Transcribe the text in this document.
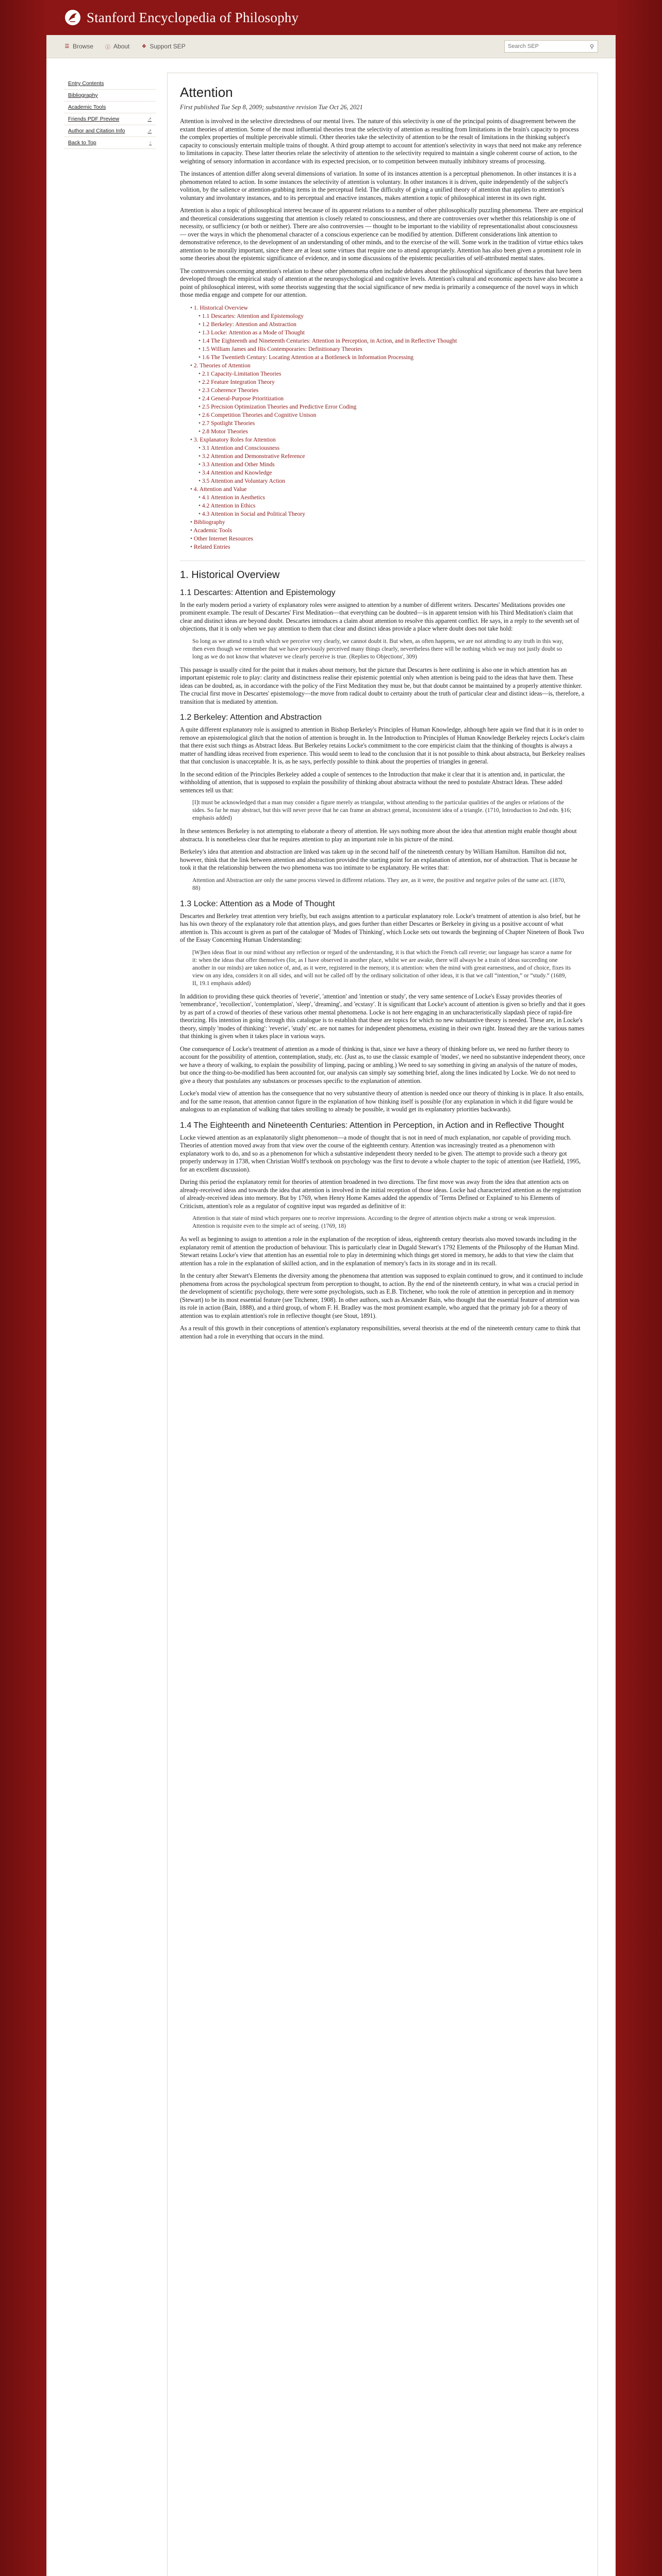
Stanford Encyclopedia of Philosophy
☰ Browse ⓘ About ❖ Support SEP
Search SEP	⚲
Entry Contents
Bibliography
Academic Tools
Friends PDF Preview	↗
Author and Citation Info	↗
Back to Top	↑
Attention
First published Tue Sep 8, 2009; substantive revision Tue Oct 26, 2021

Attention is involved in the selective directedness of our mental lives. The nature of this selectivity is one of the principal points of disagreement between the extant theories of attention. Some of the most influential theories treat the selectivity of attention as resulting from limitations in the brain's capacity to process the complex properties of multiple perceivable stimuli. Other theories take the selectivity of attention to be the result of limitations in the thinking subject's capacity to consciously entertain multiple trains of thought. A third group attempt to account for attention's selectivity in ways that need not make any reference to limitations in capacity. These latter theories relate the selectivity of attention to the selectivity required to maintain a single coherent course of action, to the weighting of sensory information in accordance with its expected precision, or to competition between mutually inhibitory streams of processing.

The instances of attention differ along several dimensions of variation. In some of its instances attention is a perceptual phenomenon. In other instances it is a phenomenon related to action. In some instances the selectivity of attention is voluntary. In other instances it is driven, quite independently of the subject's volition, by the salience or attention-grabbing items in the perceptual field. The difficulty of giving a unified theory of attention that applies to attention's voluntary and involuntary instances, and to its perceptual and enactive instances, makes attention a topic of philosophical interest in its own right.

Attention is also a topic of philosophical interest because of its apparent relations to a number of other philosophically puzzling phenomena. There are empirical and theoretical considerations suggesting that attention is closely related to consciousness, and there are controversies over whether this relationship is one of necessity, or sufficiency (or both or neither). There are also controversies — thought to be important to the viability of representationalist about consciousness — over the ways in which the phenomenal character of a conscious experience can be modified by attention. Different considerations link attention to demonstrative reference, to the development of an understanding of other minds, and to the exercise of the will. Some work in the tradition of virtue ethics takes attention to be morally important, since there are at least some virtues that require one to attend appropriately. Attention has also been given a prominent role in some theories about the epistemic significance of evidence, and in some discussions of the epistemic peculiarities of self-attributed mental states.

The controversies concerning attention's relation to these other phenomena often include debates about the philosophical significance of theories that have been developed through the empirical study of attention at the neuropsychological and cognitive levels. Attention's cultural and economic aspects have also become a point of philosophical interest, with some theorists suggesting that the social significance of new media is primarily a consequence of the novel ways in which those media engage and compete for our attention.

• 1. Historical Overview
• 1.1 Descartes: Attention and Epistemology
• 1.2 Berkeley: Attention and Abstraction
• 1.3 Locke: Attention as a Mode of Thought
• 1.4 The Eighteenth and Nineteenth Centuries: Attention in Perception, in Action, and in Reflective Thought
• 1.5 William James and His Contemporaries: Definitionary Theories
• 1.6 The Twentieth Century: Locating Attention at a Bottleneck in Information Processing
• 2. Theories of Attention
• 2.1 Capacity-Limitation Theories
• 2.2 Feature Integration Theory
• 2.3 Coherence Theories
• 2.4 General-Purpose Prioritization
• 2.5 Precision Optimization Theories and Predictive Error Coding
• 2.6 Competition Theories and Cognitive Unison
• 2.7 Spotlight Theories
• 2.8 Motor Theories
• 3. Explanatory Roles for Attention
• 3.1 Attention and Consciousness
• 3.2 Attention and Demonstrative Reference
• 3.3 Attention and Other Minds
• 3.4 Attention and Knowledge
• 3.5 Attention and Voluntary Action
• 4. Attention and Value
• 4.1 Attention in Aesthetics
• 4.2 Attention in Ethics
• 4.3 Attention in Social and Political Theory
• Bibliography
• Academic Tools
• Other Internet Resources
• Related Entries
1. Historical Overview
1.1 Descartes: Attention and Epistemology

In the early modern period a variety of explanatory roles were assigned to attention by a number of different writers. Descartes' Meditations provides one prominent example. The result of Descartes' First Meditation—that everything can be doubted—is in apparent tension with his Third Meditation's claim that clear and distinct ideas are beyond doubt. Descartes introduces a claim about attention to resolve this apparent conflict. He says, in a reply to the seventh set of objections, that it is only when we pay attention to them that clear and distinct ideas provide a place where doubt does not take hold:

So long as we attend to a truth which we perceive very clearly, we cannot doubt it. But when, as often happens, we are not attending to any truth in this way, then even though we remember that we have previously perceived many things clearly, nevertheless there will be nothing which we may not justly doubt so long as we do not know that whatever we clearly perceive is true. (Replies to Objections', 309)

This passage is usually cited for the point that it makes about memory, but the picture that Descartes is here outlining is also one in which attention has an important epistemic role to play: clarity and distinctness realise their epistemic potential only when attention is being paid to the ideas that have them. These ideas can be doubted, as, in accordance with the policy of the First Meditation they must be, but that doubt cannot be maintained by a properly attentive thinker. The crucial first move in Descartes' epistemology—the move from radical doubt to certainty about the truth of particular clear and distinct ideas—is, therefore, a transition that is mediated by attention.

1.2 Berkeley: Attention and Abstraction

A quite different explanatory role is assigned to attention in Bishop Berkeley's Principles of Human Knowledge, although here again we find that it is in order to remove an epistemological glitch that the notion of attention is brought in. In the Introduction to Principles of Human Knowledge Berkeley rejects Locke's claim that there exist such things as Abstract Ideas. But Berkeley retains Locke's commitment to the core empiricist claim that the thinking of thoughts is always a matter of handling ideas received from experience. This would seem to lead to the conclusion that it is not possible to think about abstracta, but Berkeley realises that that conclusion is unacceptable. It is, as he says, perfectly possible to think about the properties of triangles in general.

In the second edition of the Principles Berkeley added a couple of sentences to the Introduction that make it clear that it is attention and, in particular, the withholding of attention, that is supposed to explain the possibility of thinking about abstracta without the need to postulate Abstract Ideas. These added sentences tell us that:

[I]t must be acknowledged that a man may consider a figure merely as triangular, without attending to the particular qualities of the angles or relations of the sides. So far he may abstract, but this will never prove that he can frame an abstract general, inconsistent idea of a triangle. (1710, Introduction to 2nd edn. §16; emphasis added)

In these sentences Berkeley is not attempting to elaborate a theory of attention. He says nothing more about the idea that attention might enable thought about abstracta. It is nonetheless clear that he requires attention to play an important role in his picture of the mind.

Berkeley's idea that attention and abstraction are linked was taken up in the second half of the nineteenth century by William Hamilton. Hamilton did not, however, think that the link between attention and abstraction provided the starting point for an explanation of attention, nor of abstraction. That is because he took it that the relationship between the two phenomena was too intimate to be explanatory. He writes that:

Attention and Abstraction are only the same process viewed in different relations. They are, as it were, the positive and negative poles of the same act. (1870, 88)
1.3 Locke: Attention as a Mode of Thought

Descartes and Berkeley treat attention very briefly, but each assigns attention to a particular explanatory role. Locke's treatment of attention is also brief, but he has his own theory of the explanatory role that attention plays, and goes further than either Descartes or Berkeley in giving us a positive account of what attention is. This account is given as part of the catalogue of 'Modes of Thinking', which Locke sets out towards the beginning of Chapter Nineteen of Book Two of the Essay Concerning Human Understanding:

[W]hen ideas float in our mind without any reflection or regard of the understanding, it is that which the French call reverie; our language has scarce a name for it: when the ideas that offer themselves (for, as I have observed in another place, whilst we are awake, there will always be a train of ideas succeeding one another in our minds) are taken notice of, and, as it were, registered in the memory, it is attention: when the mind with great earnestness, and of choice, fixes its view on any idea, considers it on all sides, and will not be called off by the ordinary solicitation of other ideas, it is that we call “intention,” or “study.” (1689, II, 19.1 emphasis added)

In addition to providing these quick theories of 'reverie', 'attention' and 'intention or study', the very same sentence of Locke's Essay provides theories of 'remembrance', 'recollection', 'contemplation', 'sleep', 'dreaming', and 'ecstasy'. It is significant that Locke's account of attention is given so briefly and that it goes by as part of a crowd of theories of these various other mental phenomena. Locke is not here engaging in an uncharacteristically slapdash piece of rapid-fire theorizing. His intention in going through this catalogue is to establish that these are topics for which no new substantive theory is needed. These are, in Locke's theory, simply 'modes of thinking': 'reverie', 'study' etc. are not names for independent phenomena, existing in their own right. Instead they are the various names that thinking is given when it takes place in various ways.

One consequence of Locke's treatment of attention as a mode of thinking is that, since we have a theory of thinking before us, we need no further theory to account for the possibility of attention, contemplation, study, etc. (Just as, to use the classic example of 'modes', we need no substantive independent theory, once we have a theory of walking, to explain the possibility of limping, pacing or ambling.) We need to say something in giving an analysis of the nature of modes, but once the thing-to-be-modified has been accounted for, our analysis can simply say something brief, along the lines indicated by Locke. We do not need to give a theory that postulates any substances or processes specific to the explanation of attention.

Locke's modal view of attention has the consequence that no very substantive theory of attention is needed once our theory of thinking is in place. It also entails, and for the same reason, that attention cannot figure in the explanation of how thinking itself is possible (for any explanation in which it did figure would be analogous to an explanation of walking that takes strolling to already be possible, it would get its explanatory priorities backwards).

1.4 The Eighteenth and Nineteenth Centuries: Attention in Perception, in Action and in Reflective Thought

Locke viewed attention as an explanatorily slight phenomenon—a mode of thought that is not in need of much explanation, nor capable of providing much. Theories of attention moved away from that view over the course of the eighteenth century. Attention was increasingly treated as a phenomenon with explanatory work to do, and so as a phenomenon for which a substantive independent theory needed to be given. The attempt to provide such a theory got properly underway in 1738, when Christian Wolff's textbook on psychology was the first to devote a whole chapter to the topic of attention (see Hatfield, 1995, for an excellent discussion).

During this period the explanatory remit for theories of attention broadened in two directions. The first move was away from the idea that attention acts on already-received ideas and towards the idea that attention is involved in the initial reception of those ideas. Locke had characterized attention as the registration of already-received ideas into memory. But by 1769, when Henry Home Kames added the appendix of 'Terms Defined or Explained' to his Elements of Criticism, attention's role as a regulator of cognitive input was regarded as definitive of it:

Attention is that state of mind which prepares one to receive impressions. According to the degree of attention objects make a strong or weak impression. Attention is requisite even to the simple act of seeing. (1769, 18)

As well as beginning to assign to attention a role in the explanation of the reception of ideas, eighteenth century theorists also moved towards including in the explanatory remit of attention the production of behaviour. This is particularly clear in Dugald Stewart's 1792 Elements of the Philosophy of the Human Mind. Stewart retains Locke's view that attention has an essential role to play in determining which things get stored in memory, he adds to that view the claim that attention has a role in the explanation of skilled action, and in the explanation of memory's facts in its storage and in its recall.

In the century after Stewart's Elements the diversity among the phenomena that attention was supposed to explain continued to grow, and it continued to include phenomena from across the psychological spectrum from perception to thought, to action. By the end of the nineteenth century, in what was a crucial period in the development of scientific psychology, there were some psychologists, such as E.B. Titchener, who took the role of attention in perception and in memory (Stewart) to be its most essential feature (see Titchener, 1908). In other authors, such as Alexander Bain, who thought that the essential feature of attention was its role in action (Bain, 1888), and a third group, of whom F. H. Bradley was the most prominent example, who argued that the primary job for a theory of attention was to explain attention's role in reflective thought (see Stout, 1891).

As a result of this growth in their conceptions of attention's explanatory responsibilities, several theorists at the end of the nineteenth century came to think that attention had a role in everything that occurs in the mind.
